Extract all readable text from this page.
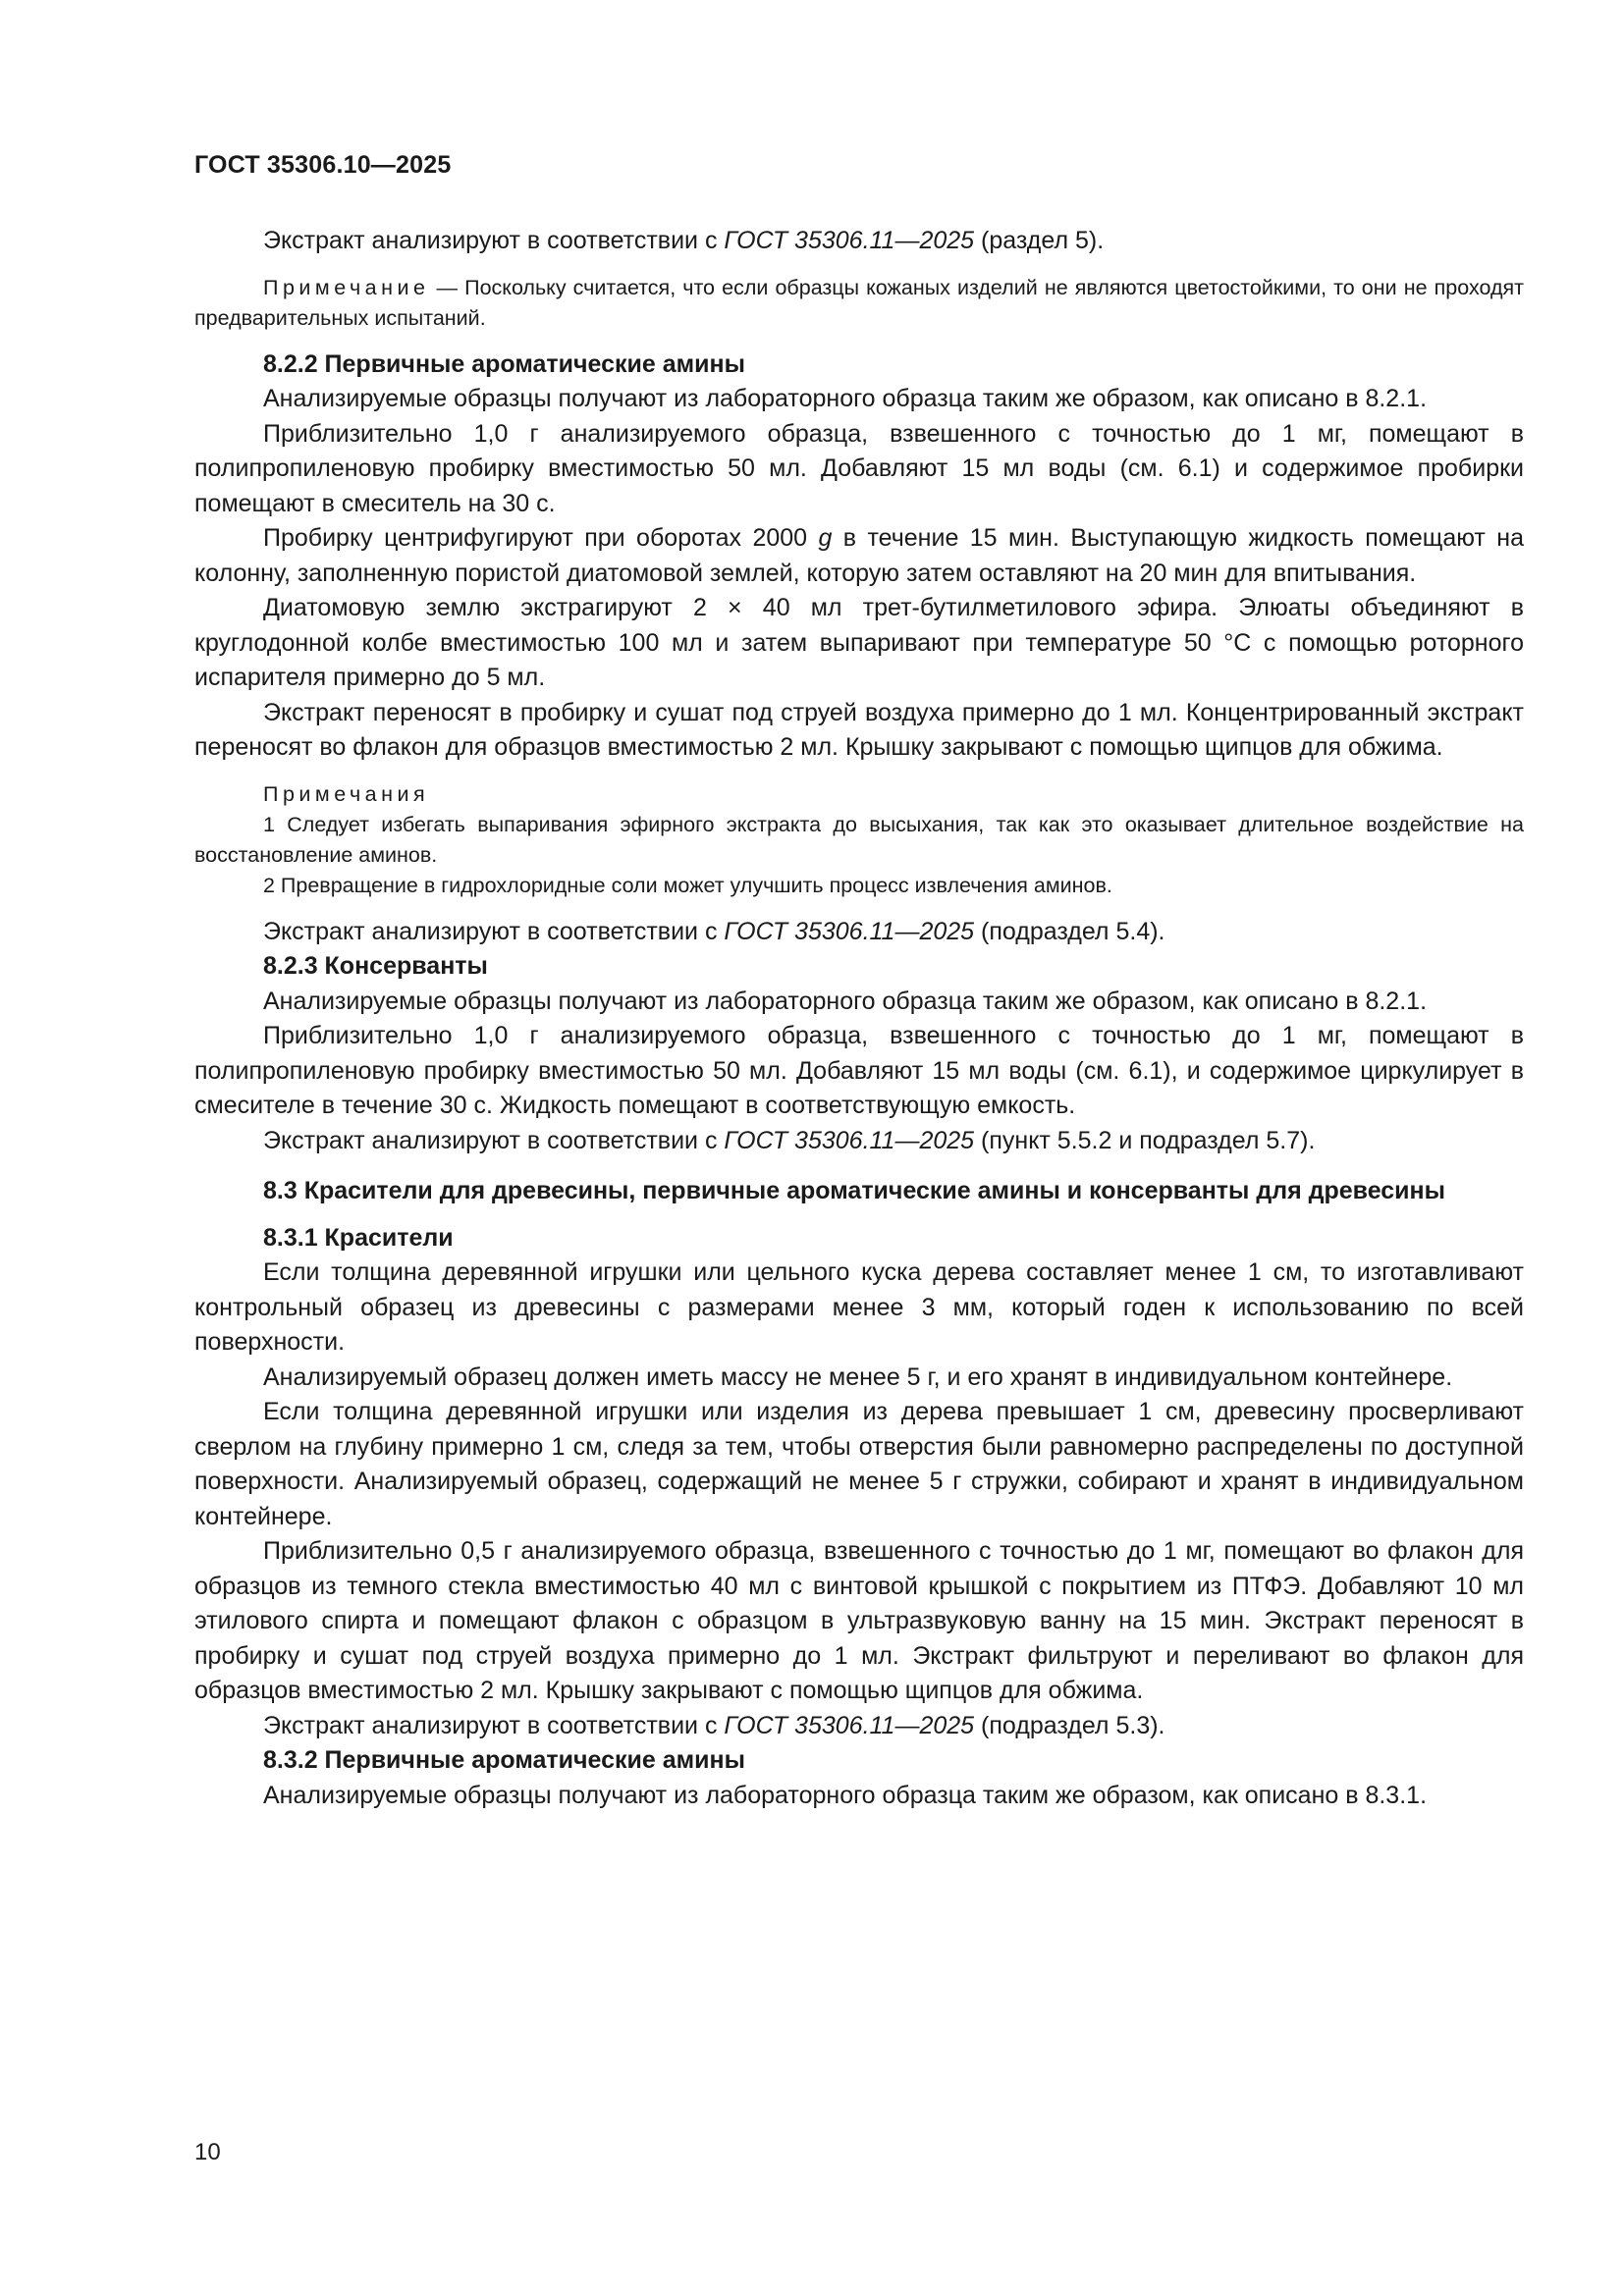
ГОСТ 35306.10—2025

Экстракт анализируют в соответствии с ГОСТ 35306.11—2025 (раздел 5).

Примечание — Поскольку считается, что если образцы кожаных изделий не являются цветостойкими, то они не проходят предварительных испытаний.

8.2.2 Первичные ароматические амины

Анализируемые образцы получают из лабораторного образца таким же образом, как описано в 8.2.1.

Приблизительно 1,0 г анализируемого образца, взвешенного с точностью до 1 мг, помещают в полипропиленовую пробирку вместимостью 50 мл. Добавляют 15 мл воды (см. 6.1) и содержимое пробирки помещают в смеситель на 30 с.

Пробирку центрифугируют при оборотах 2000 g в течение 15 мин. Выступающую жидкость помещают на колонну, заполненную пористой диатомовой землей, которую затем оставляют на 20 мин для впитывания.

Диатомовую землю экстрагируют 2 × 40 мл трет-бутилметилового эфира. Элюаты объединяют в круглодонной колбе вместимостью 100 мл и затем выпаривают при температуре 50 °С с помощью роторного испарителя примерно до 5 мл.

Экстракт переносят в пробирку и сушат под струей воздуха примерно до 1 мл. Концентрированный экстракт переносят во флакон для образцов вместимостью 2 мл. Крышку закрывают с помощью щипцов для обжима.

Примечания

1 Следует избегать выпаривания эфирного экстракта до высыхания, так как это оказывает длительное воздействие на восстановление аминов.

2 Превращение в гидрохлоридные соли может улучшить процесс извлечения аминов.

Экстракт анализируют в соответствии с ГОСТ 35306.11—2025 (подраздел 5.4).

8.2.3 Консерванты

Анализируемые образцы получают из лабораторного образца таким же образом, как описано в 8.2.1.

Приблизительно 1,0 г анализируемого образца, взвешенного с точностью до 1 мг, помещают в полипропиленовую пробирку вместимостью 50 мл. Добавляют 15 мл воды (см. 6.1), и содержимое циркулирует в смесителе в течение 30 с. Жидкость помещают в соответствующую емкость.

Экстракт анализируют в соответствии с ГОСТ 35306.11—2025 (пункт 5.5.2 и подраздел 5.7).

8.3 Красители для древесины, первичные ароматические амины и консерванты для древесины

8.3.1 Красители

Если толщина деревянной игрушки или цельного куска дерева составляет менее 1 см, то изготавливают контрольный образец из древесины с размерами менее 3 мм, который годен к использованию по всей поверхности.

Анализируемый образец должен иметь массу не менее 5 г, и его хранят в индивидуальном контейнере.

Если толщина деревянной игрушки или изделия из дерева превышает 1 см, древесину просверливают сверлом на глубину примерно 1 см, следя за тем, чтобы отверстия были равномерно распределены по доступной поверхности. Анализируемый образец, содержащий не менее 5 г стружки, собирают и хранят в индивидуальном контейнере.

Приблизительно 0,5 г анализируемого образца, взвешенного с точностью до 1 мг, помещают во флакон для образцов из темного стекла вместимостью 40 мл с винтовой крышкой с покрытием из ПТФЭ. Добавляют 10 мл этилового спирта и помещают флакон с образцом в ультразвуковую ванну на 15 мин. Экстракт переносят в пробирку и сушат под струей воздуха примерно до 1 мл. Экстракт фильтруют и переливают во флакон для образцов вместимостью 2 мл. Крышку закрывают с помощью щипцов для обжима.

Экстракт анализируют в соответствии с ГОСТ 35306.11—2025 (подраздел 5.3).

8.3.2 Первичные ароматические амины

Анализируемые образцы получают из лабораторного образца таким же образом, как описано в 8.3.1.

10
